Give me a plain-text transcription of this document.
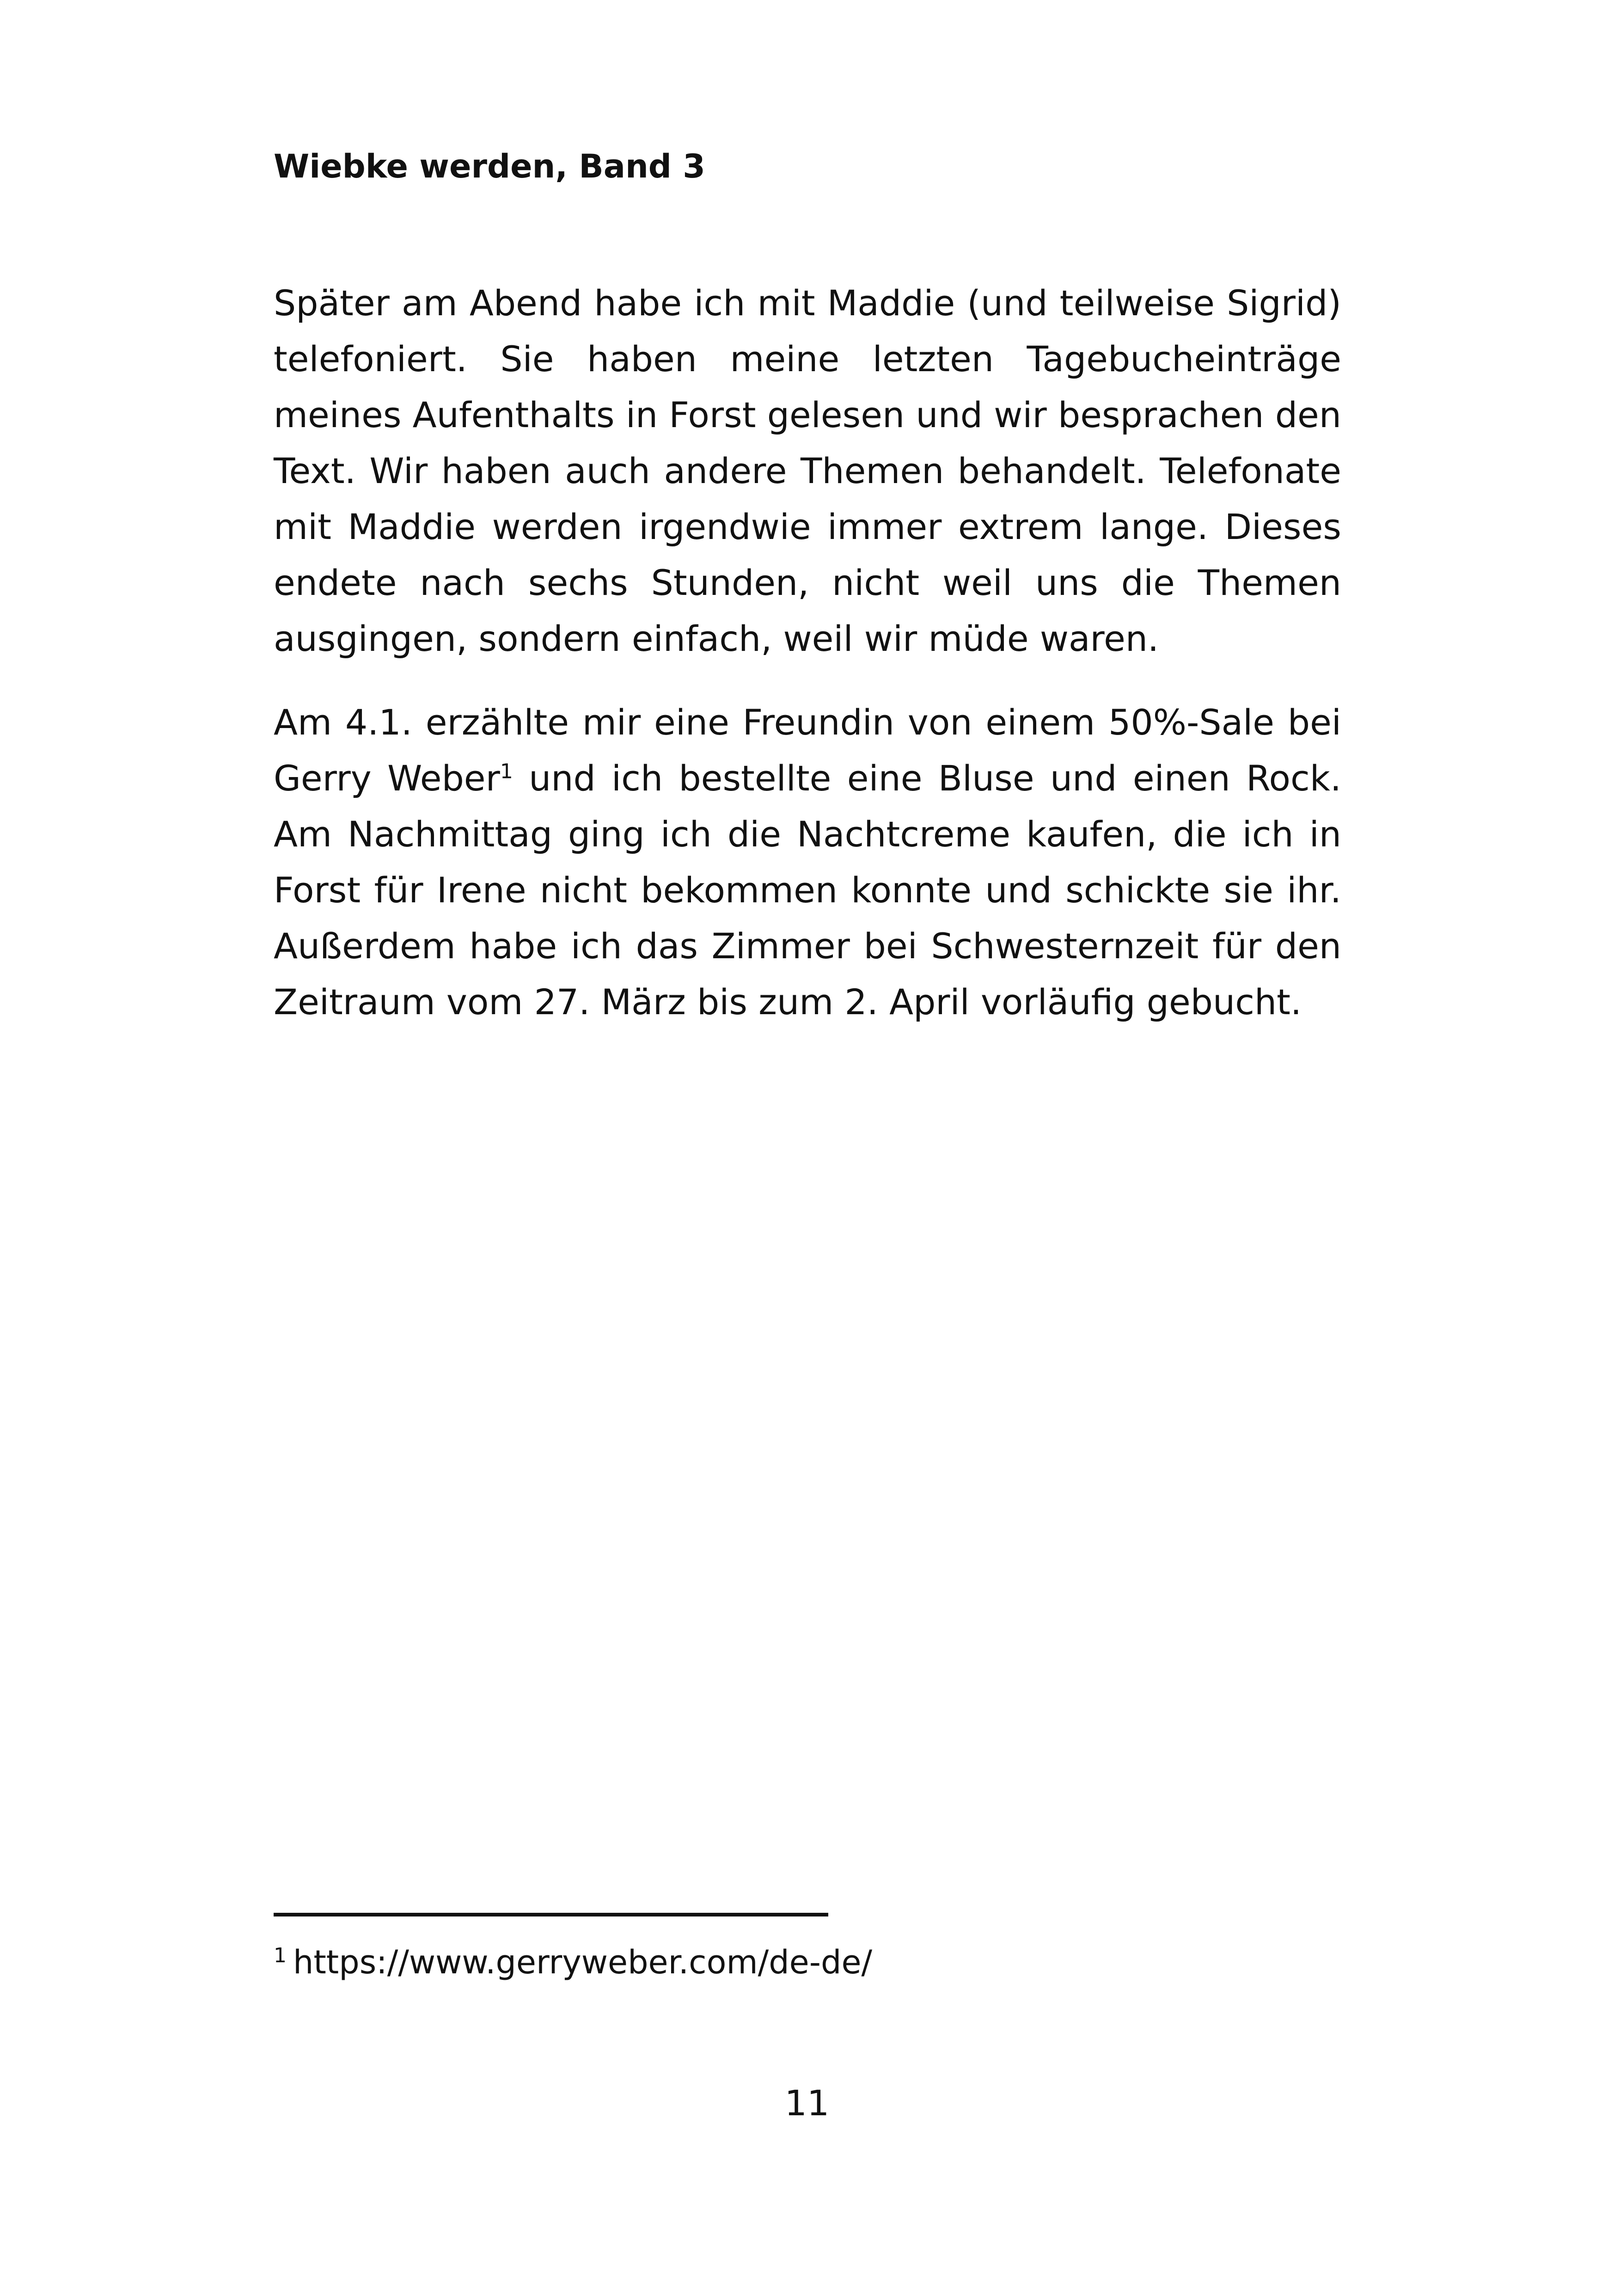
Wiebke werden, Band 3

Später am Abend habe ich mit Maddie (und teilweise Sigrid) telefoniert. Sie haben meine letzten Tagebucheinträge meines Aufenthalts in Forst gelesen und wir besprachen den Text. Wir haben auch andere Themen behandelt. Telefonate mit Maddie werden irgendwie immer extrem lange. Dieses endete nach sechs Stunden, nicht weil uns die Themen ausgingen, sondern einfach, weil wir müde waren.

Am 4.1. erzählte mir eine Freundin von einem 50%-Sale bei Gerry Weber$^1$ und ich bestellte eine Bluse und einen Rock. Am Nachmittag ging ich die Nachtcreme kaufen, die ich in Forst für Irene nicht bekommen konnte und schickte sie ihr. Außerdem habe ich das Zimmer bei Schwesternzeit für den Zeitraum vom 27. März bis zum 2. April vorläufig gebucht.

$^1$ https://www.gerryweber.com/de-de/
11
